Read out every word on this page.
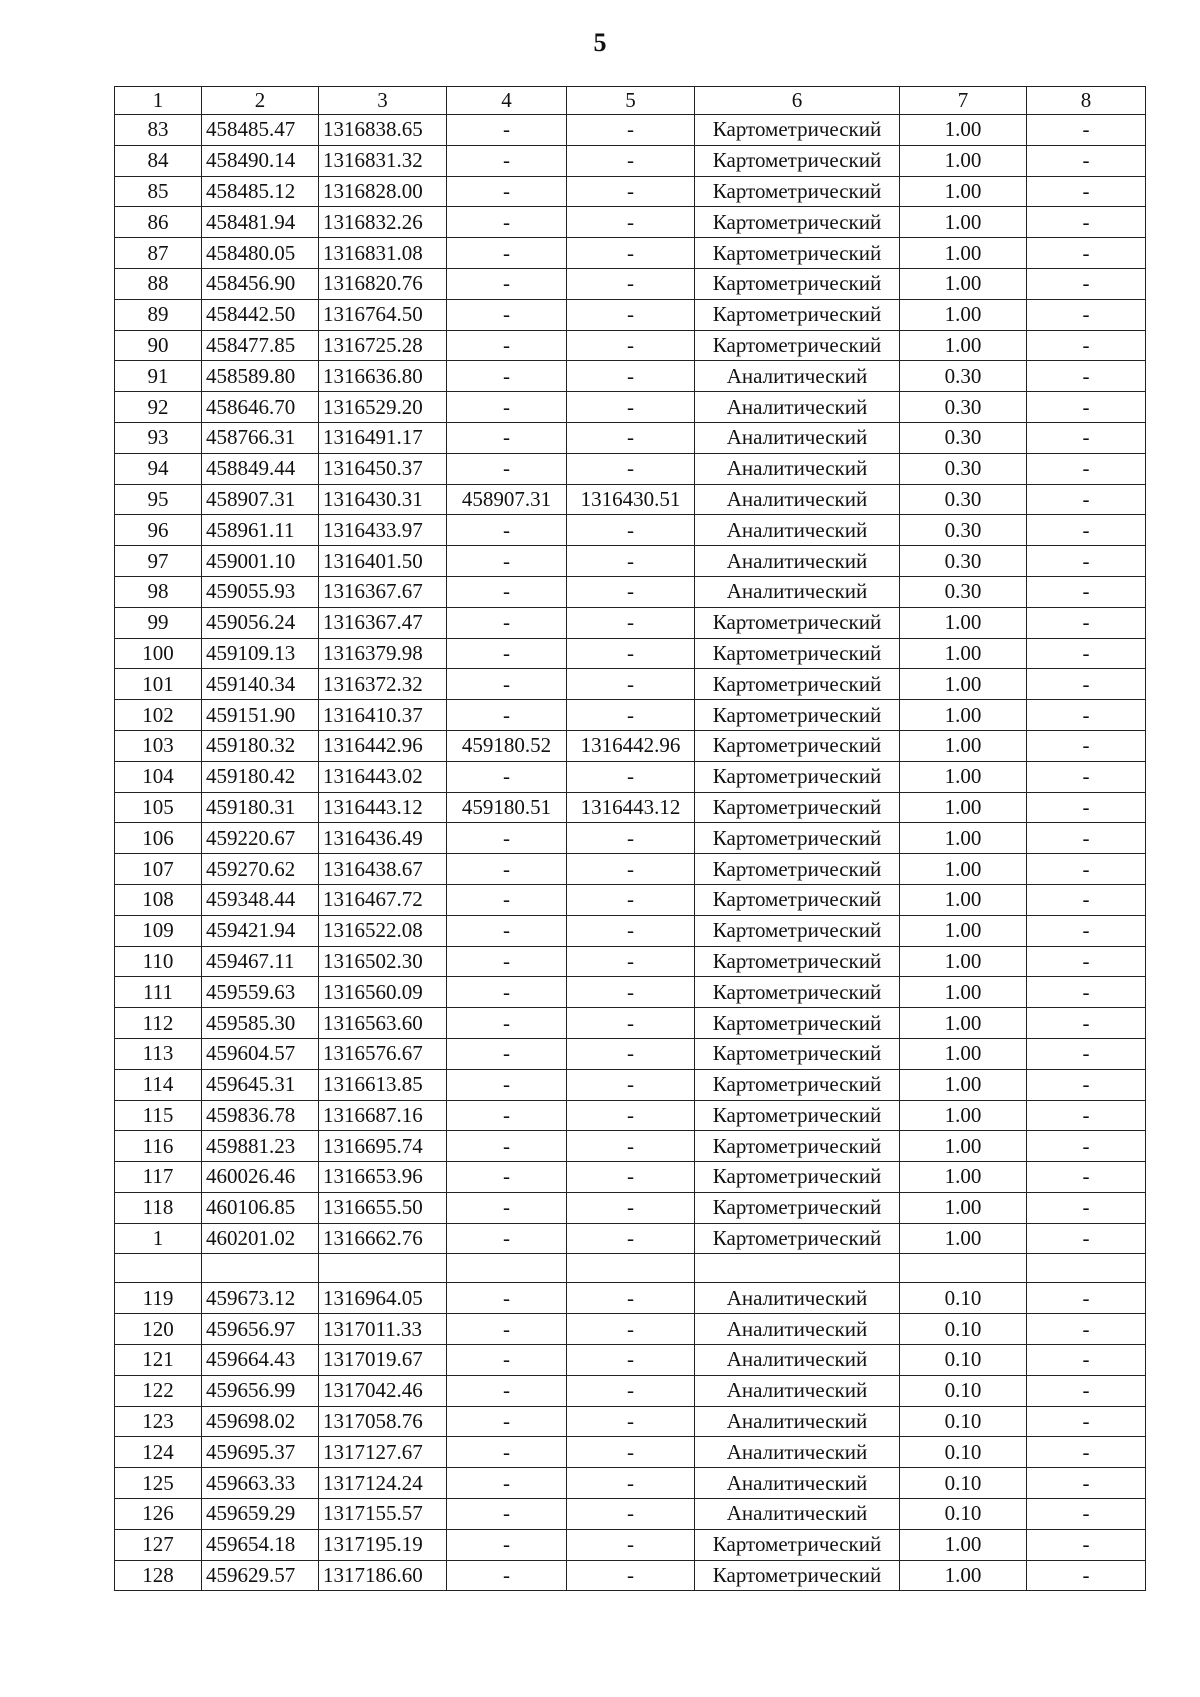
5
1	2	3	4	5	6	7	8
83	458485.47	1316838.65	-	-	Картометрический	1.00	-
84	458490.14	1316831.32	-	-	Картометрический	1.00	-
85	458485.12	1316828.00	-	-	Картометрический	1.00	-
86	458481.94	1316832.26	-	-	Картометрический	1.00	-
87	458480.05	1316831.08	-	-	Картометрический	1.00	-
88	458456.90	1316820.76	-	-	Картометрический	1.00	-
89	458442.50	1316764.50	-	-	Картометрический	1.00	-
90	458477.85	1316725.28	-	-	Картометрический	1.00	-
91	458589.80	1316636.80	-	-	Аналитический	0.30	-
92	458646.70	1316529.20	-	-	Аналитический	0.30	-
93	458766.31	1316491.17	-	-	Аналитический	0.30	-
94	458849.44	1316450.37	-	-	Аналитический	0.30	-
95	458907.31	1316430.31	458907.31	1316430.51	Аналитический	0.30	-
96	458961.11	1316433.97	-	-	Аналитический	0.30	-
97	459001.10	1316401.50	-	-	Аналитический	0.30	-
98	459055.93	1316367.67	-	-	Аналитический	0.30	-
99	459056.24	1316367.47	-	-	Картометрический	1.00	-
100	459109.13	1316379.98	-	-	Картометрический	1.00	-
101	459140.34	1316372.32	-	-	Картометрический	1.00	-
102	459151.90	1316410.37	-	-	Картометрический	1.00	-
103	459180.32	1316442.96	459180.52	1316442.96	Картометрический	1.00	-
104	459180.42	1316443.02	-	-	Картометрический	1.00	-
105	459180.31	1316443.12	459180.51	1316443.12	Картометрический	1.00	-
106	459220.67	1316436.49	-	-	Картометрический	1.00	-
107	459270.62	1316438.67	-	-	Картометрический	1.00	-
108	459348.44	1316467.72	-	-	Картометрический	1.00	-
109	459421.94	1316522.08	-	-	Картометрический	1.00	-
110	459467.11	1316502.30	-	-	Картометрический	1.00	-
111	459559.63	1316560.09	-	-	Картометрический	1.00	-
112	459585.30	1316563.60	-	-	Картометрический	1.00	-
113	459604.57	1316576.67	-	-	Картометрический	1.00	-
114	459645.31	1316613.85	-	-	Картометрический	1.00	-
115	459836.78	1316687.16	-	-	Картометрический	1.00	-
116	459881.23	1316695.74	-	-	Картометрический	1.00	-
117	460026.46	1316653.96	-	-	Картометрический	1.00	-
118	460106.85	1316655.50	-	-	Картометрический	1.00	-
1	460201.02	1316662.76	-	-	Картометрический	1.00	-

119	459673.12	1316964.05	-	-	Аналитический	0.10	-
120	459656.97	1317011.33	-	-	Аналитический	0.10	-
121	459664.43	1317019.67	-	-	Аналитический	0.10	-
122	459656.99	1317042.46	-	-	Аналитический	0.10	-
123	459698.02	1317058.76	-	-	Аналитический	0.10	-
124	459695.37	1317127.67	-	-	Аналитический	0.10	-
125	459663.33	1317124.24	-	-	Аналитический	0.10	-
126	459659.29	1317155.57	-	-	Аналитический	0.10	-
127	459654.18	1317195.19	-	-	Картометрический	1.00	-
128	459629.57	1317186.60	-	-	Картометрический	1.00	-
